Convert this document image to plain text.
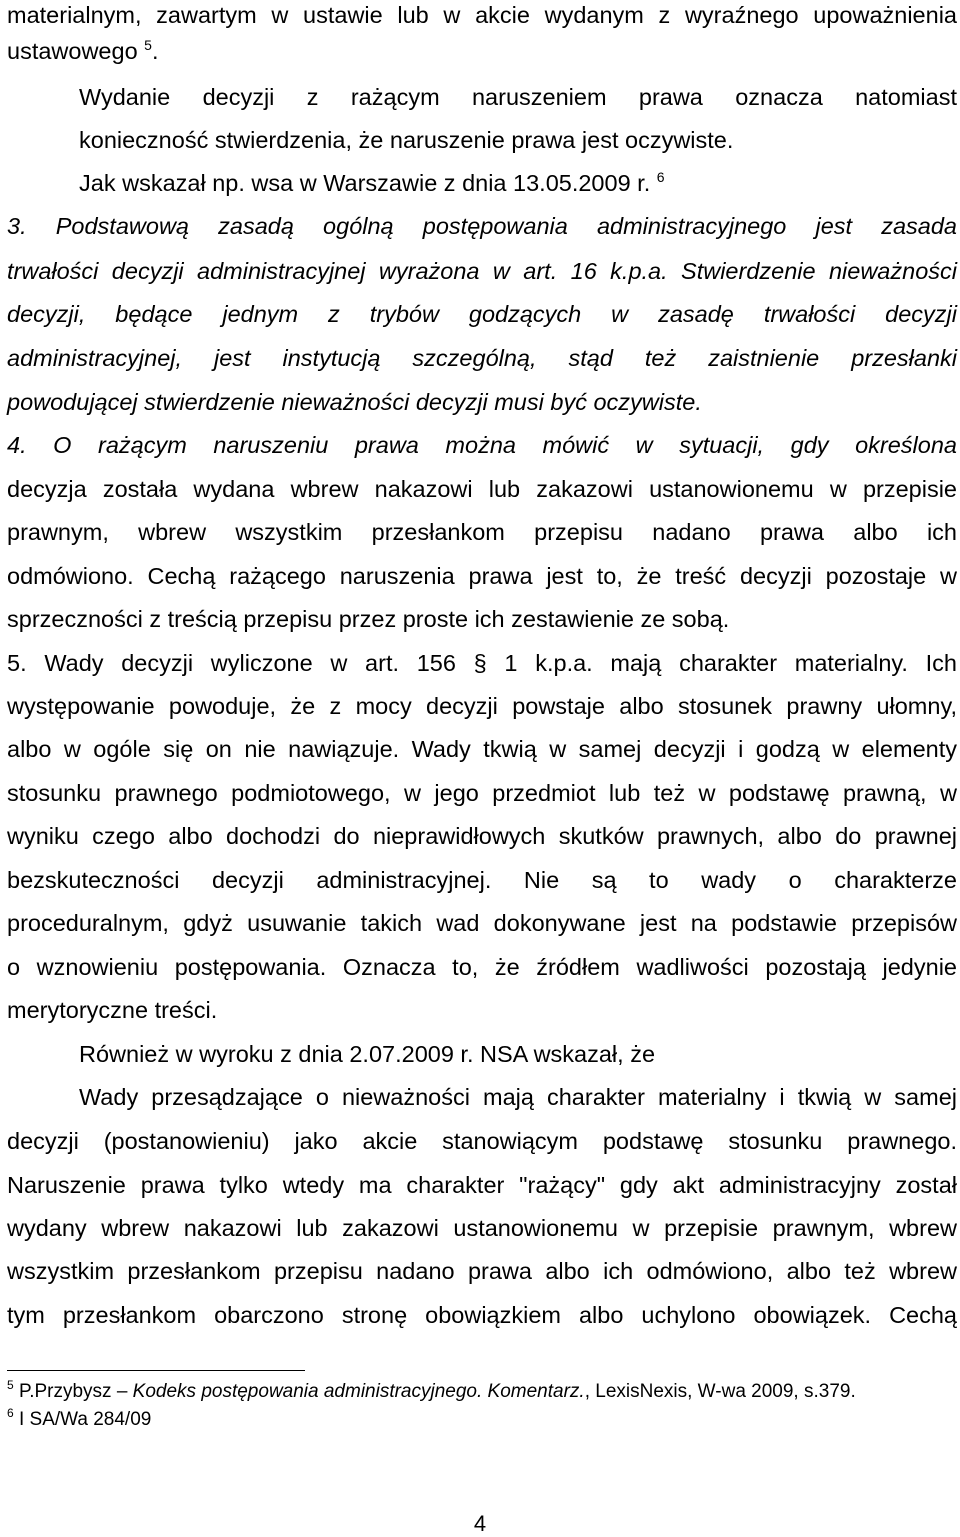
materialnym, zawartym w ustawie lub w akcie wydanym z wyraźnego upoważnienia
ustawowego $^5$.
Wydanie decyzji z rażącym naruszeniem prawa oznacza natomiast
konieczność stwierdzenia, że naruszenie prawa jest oczywiste.
Jak wskazał np. wsa w Warszawie z dnia 13.05.2009 r. $^6$
3. Podstawową zasadą ogólną postępowania administracyjnego jest zasada
trwałości decyzji administracyjnej wyrażona w art. 16 k.p.a. Stwierdzenie nieważności
decyzji, będące jednym z trybów godzących w zasadę trwałości decyzji
administracyjnej, jest instytucją szczególną, stąd też zaistnienie przesłanki
powodującej stwierdzenie nieważności decyzji musi być oczywiste.
4. O rażącym naruszeniu prawa można mówić w sytuacji, gdy określona
decyzja została wydana wbrew nakazowi lub zakazowi ustanowionemu w przepisie
prawnym, wbrew wszystkim przesłankom przepisu nadano prawa albo ich
odmówiono. Cechą rażącego naruszenia prawa jest to, że treść decyzji pozostaje w
sprzeczności z treścią przepisu przez proste ich zestawienie ze sobą.
5. Wady decyzji wyliczone w art. 156 § 1 k.p.a. mają charakter materialny. Ich
występowanie powoduje, że z mocy decyzji powstaje albo stosunek prawny ułomny,
albo w ogóle się on nie nawiązuje. Wady tkwią w samej decyzji i godzą w elementy
stosunku prawnego podmiotowego, w jego przedmiot lub też w podstawę prawną, w
wyniku czego albo dochodzi do nieprawidłowych skutków prawnych, albo do prawnej
bezskuteczności decyzji administracyjnej. Nie są to wady o charakterze
proceduralnym, gdyż usuwanie takich wad dokonywane jest na podstawie przepisów
o wznowieniu postępowania. Oznacza to, że źródłem wadliwości pozostają jedynie
merytoryczne treści.
Również w wyroku z dnia 2.07.2009 r. NSA wskazał, że
Wady przesądzające o nieważności mają charakter materialny i tkwią w samej
decyzji (postanowieniu) jako akcie stanowiącym podstawę stosunku prawnego.
Naruszenie prawa tylko wtedy ma charakter "rażący" gdy akt administracyjny został
wydany wbrew nakazowi lub zakazowi ustanowionemu w przepisie prawnym, wbrew
wszystkim przesłankom przepisu nadano prawa albo ich odmówiono, albo też wbrew
tym przesłankom obarczono stronę obowiązkiem albo uchylono obowiązek. Cechą
$^5$ P.Przybysz – Kodeks postępowania administracyjnego. Komentarz., LexisNexis, W-wa 2009, s.379.
$^6$ I SA/Wa 284/09
4
